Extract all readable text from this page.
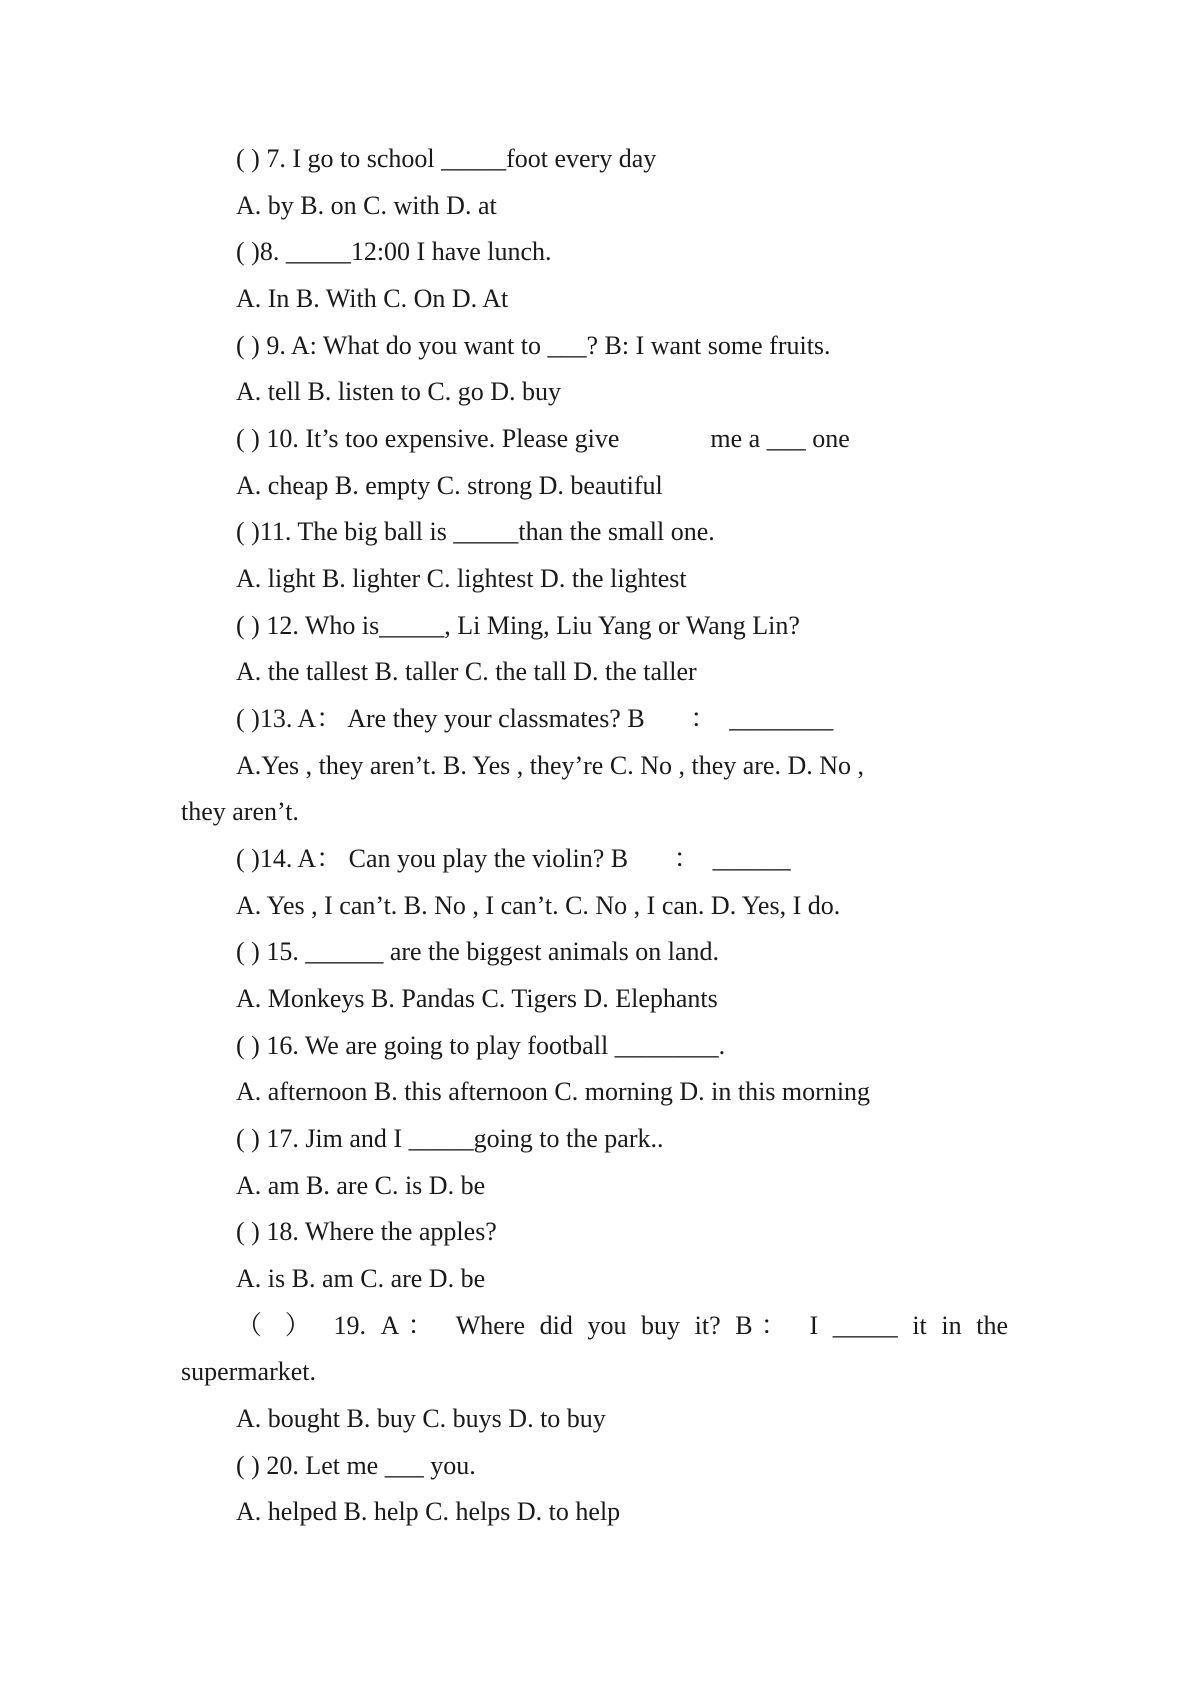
( ) 7. I go to school _____foot every day
A. by B. on C. with D. at
( )8. _____12:00 I have lunch.
A. In B. With C. On D. At
( ) 9. A: What do you want to ___? B: I want some fruits.
A. tell B. listen to C. go D. buy
( ) 10. It’s too expensive. Please give              me a ___ one
A. cheap B. empty C. strong D. beautiful
( )11. The big ball is _____than the small one.
A. light B. lighter C. lightest D. the lightest
( ) 12. Who is_____, Li Ming, Liu Yang or Wang Lin?
A. the tallest B. taller C. the tall D. the taller
( )13. A： Are they your classmates? B       ：  ________
A.Yes , they aren’t. B. Yes , they’re C. No , they are. D. No ,
they aren’t.
( )14. A： Can you play the violin? B       ：  ______
A. Yes , I can’t. B. No , I can’t. C. No , I can. D. Yes, I do.
( ) 15. ______ are the biggest animals on land.
A. Monkeys B. Pandas C. Tigers D. Elephants
( ) 16. We are going to play football ________.
A. afternoon B. this afternoon C. morning D. in this morning
( ) 17. Jim and I _____going to the park..
A. am B. are C. is D. be
( ) 18. Where the apples?
A. is B. am C. are D. be
（ ） 19. A： Where did you buy it? B： I _____ it in the
supermarket.
A. bought B. buy C. buys D. to buy
( ) 20. Let me ___ you.
A. helped B. help C. helps D. to help
